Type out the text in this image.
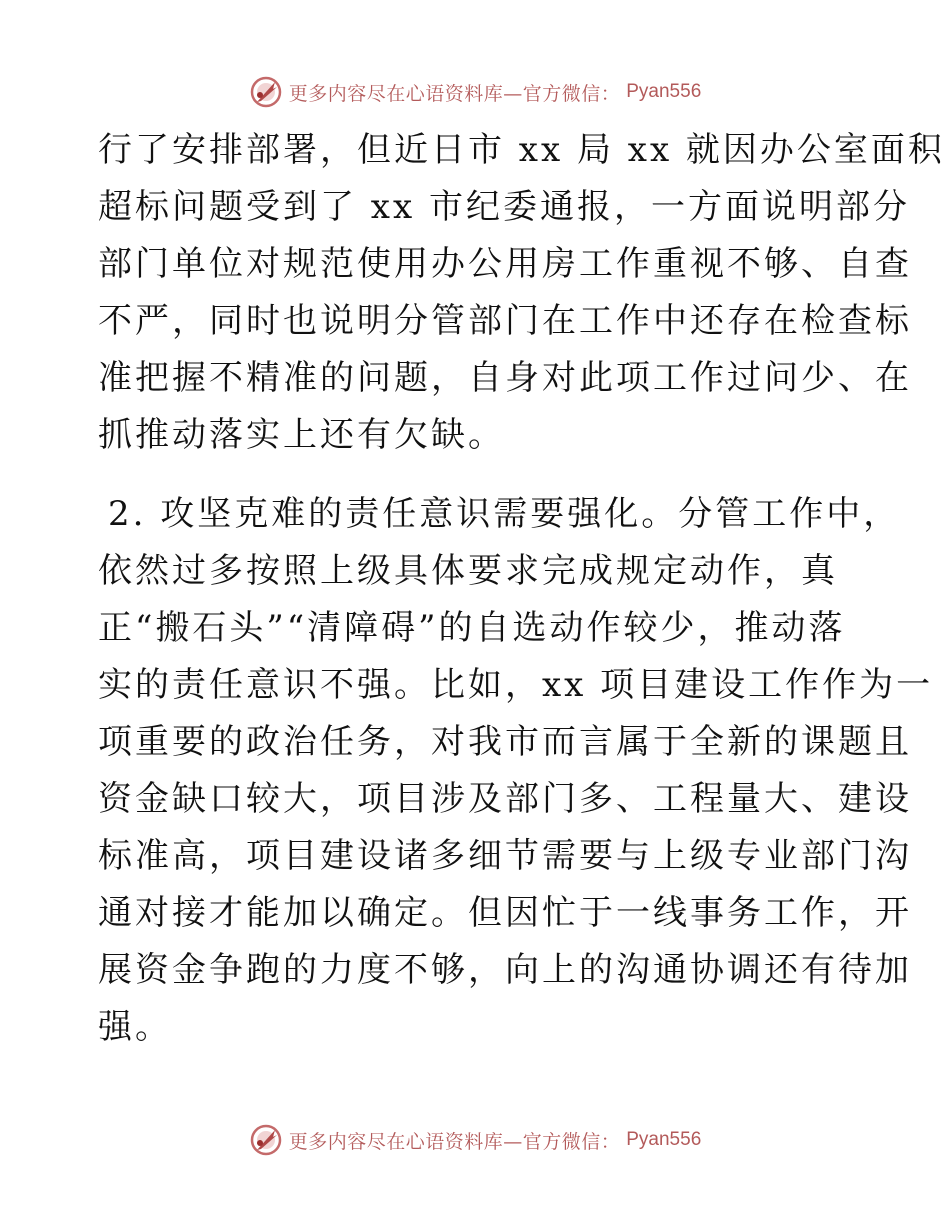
更多内容尽在心语资料库—官方微信： Pyan556
行了安排部署，但近日市 xx 局 xx 就因办公室面积
超标问题受到了 xx 市纪委通报，一方面说明部分
部门单位对规范使用办公用房工作重视不够、自查
不严，同时也说明分管部门在工作中还存在检查标
准把握不精准的问题，自身对此项工作过问少、在
抓推动落实上还有欠缺。
2. 攻坚克难的责任意识需要强化。分管工作中，
依然过多按照上级具体要求完成规定动作，真
正“搬石头”“清障碍”的自选动作较少，推动落
实的责任意识不强。比如，xx 项目建设工作作为一
项重要的政治任务，对我市而言属于全新的课题且
资金缺口较大，项目涉及部门多、工程量大、建设
标准高，项目建设诸多细节需要与上级专业部门沟
通对接才能加以确定。但因忙于一线事务工作，开
展资金争跑的力度不够，向上的沟通协调还有待加
强。
更多内容尽在心语资料库—官方微信： Pyan556
